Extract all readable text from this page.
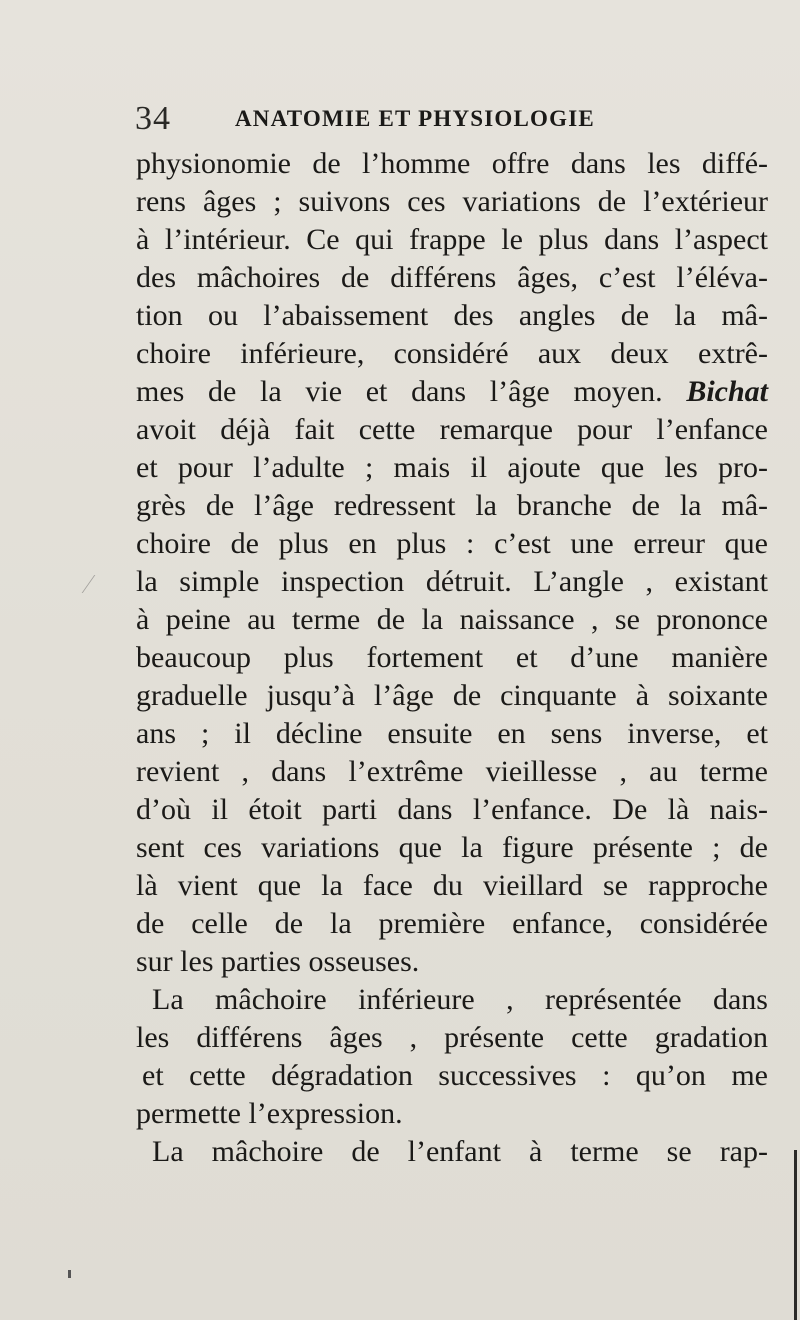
34	ANATOMIE ET PHYSIOLOGIE
physionomie de l’homme offre dans les diffé-
rens âges ; suivons ces variations de l’extérieur
à l’intérieur. Ce qui frappe le plus dans l’aspect
des mâchoires de différens âges, c’est l’éléva-
tion ou l’abaissement des angles de la mâ-
choire inférieure, considéré aux deux extrê-
mes de la vie et dans l’âge moyen. Bichat
avoit déjà fait cette remarque pour l’enfance
et pour l’adulte ; mais il ajoute que les pro-
grès de l’âge redressent la branche de la mâ-
choire de plus en plus : c’est une erreur que
la simple inspection détruit. L’angle , existant
à peine au terme de la naissance , se prononce
beaucoup plus fortement et d’une manière
graduelle jusqu’à l’âge de cinquante à soixante
ans ; il décline ensuite en sens inverse, et
revient , dans l’extrême vieillesse , au terme
d’où il étoit parti dans l’enfance. De là nais-
sent ces variations que la figure présente ; de
là vient que la face du vieillard se rapproche
de celle de la première enfance, considérée
sur les parties osseuses.
La mâchoire inférieure , représentée dans
les différens âges , présente cette gradation
et cette dégradation successives : qu’on me
permette l’expression.
La mâchoire de l’enfant à terme se rap-
